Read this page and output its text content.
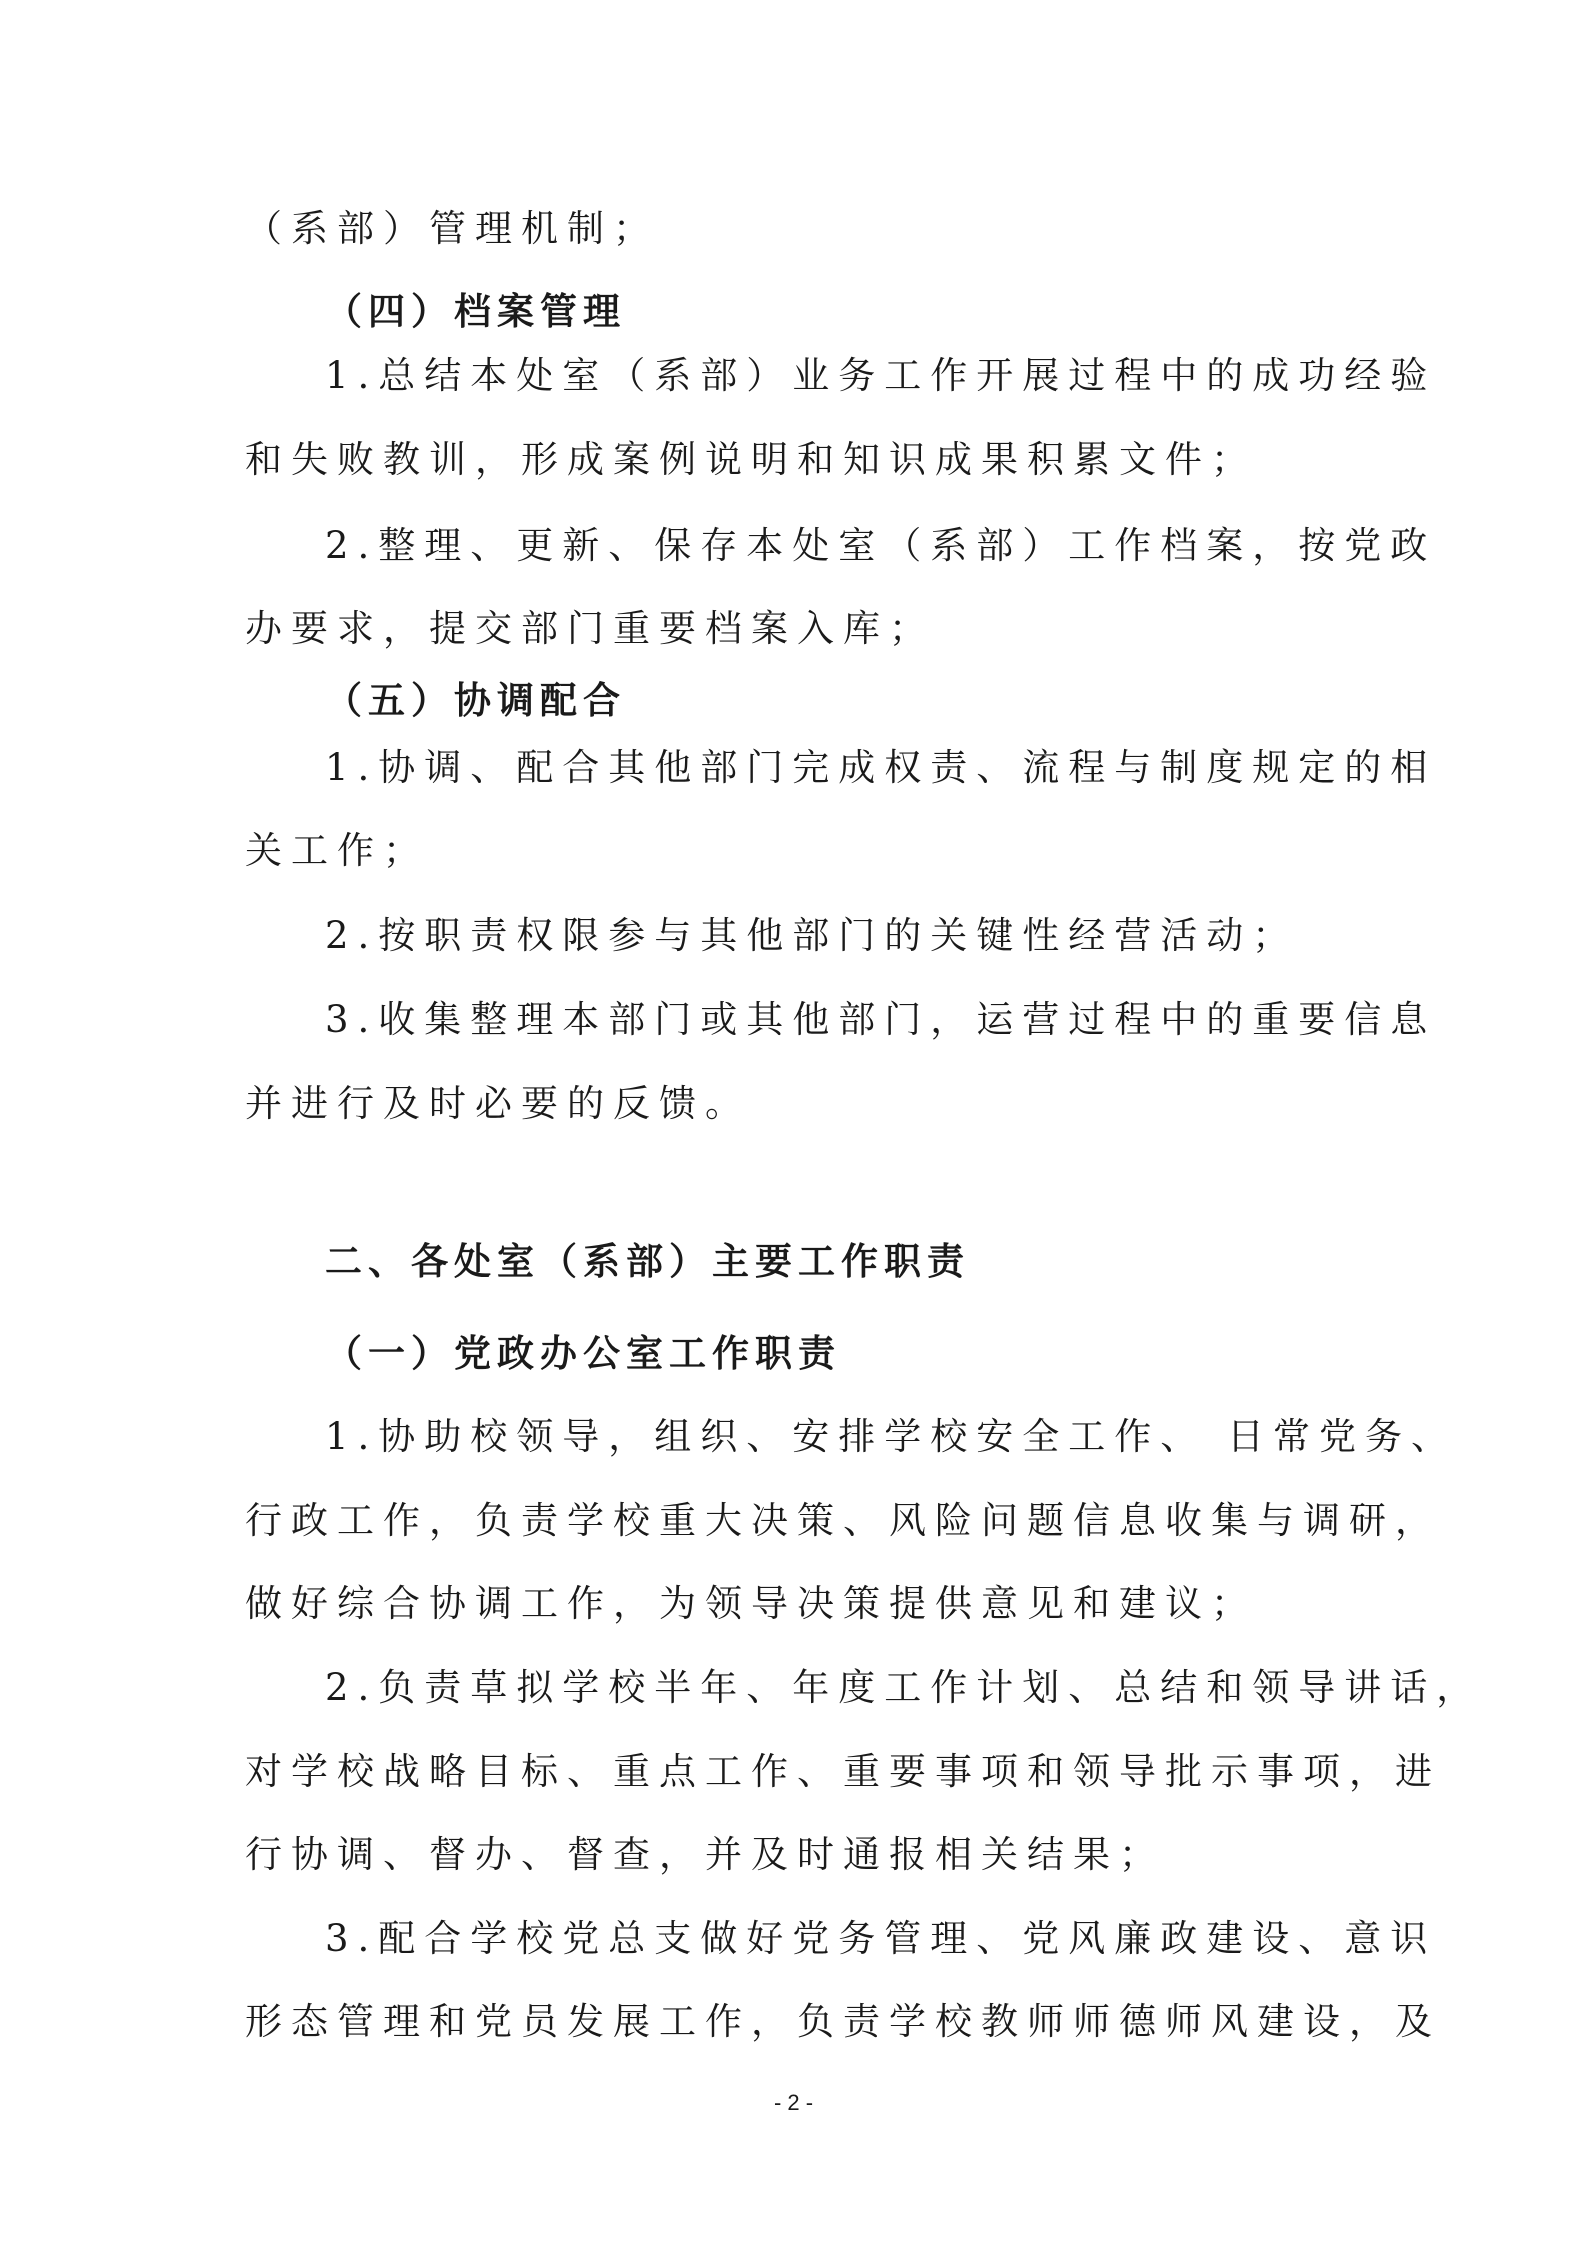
（系部）管理机制；
（四）档案管理
1.总结本处室（系部）业务工作开展过程中的成功经验
和失败教训，形成案例说明和知识成果积累文件；
2.整理、更新、保存本处室（系部）工作档案，按党政
办要求，提交部门重要档案入库；
（五）协调配合
1.协调、配合其他部门完成权责、流程与制度规定的相
关工作；
2.按职责权限参与其他部门的关键性经营活动；
3.收集整理本部门或其他部门，运营过程中的重要信息
并进行及时必要的反馈。
二、各处室（系部）主要工作职责
（一）党政办公室工作职责
1.协助校领导，组织、安排学校安全工作、 日常党务、
行政工作，负责学校重大决策、风险问题信息收集与调研，
做好综合协调工作，为领导决策提供意见和建议；
2.负责草拟学校半年、年度工作计划、总结和领导讲话，
对学校战略目标、重点工作、重要事项和领导批示事项，进
行协调、督办、督查，并及时通报相关结果；
3.配合学校党总支做好党务管理、党风廉政建设、意识
形态管理和党员发展工作，负责学校教师师德师风建设，及
- 2 -
